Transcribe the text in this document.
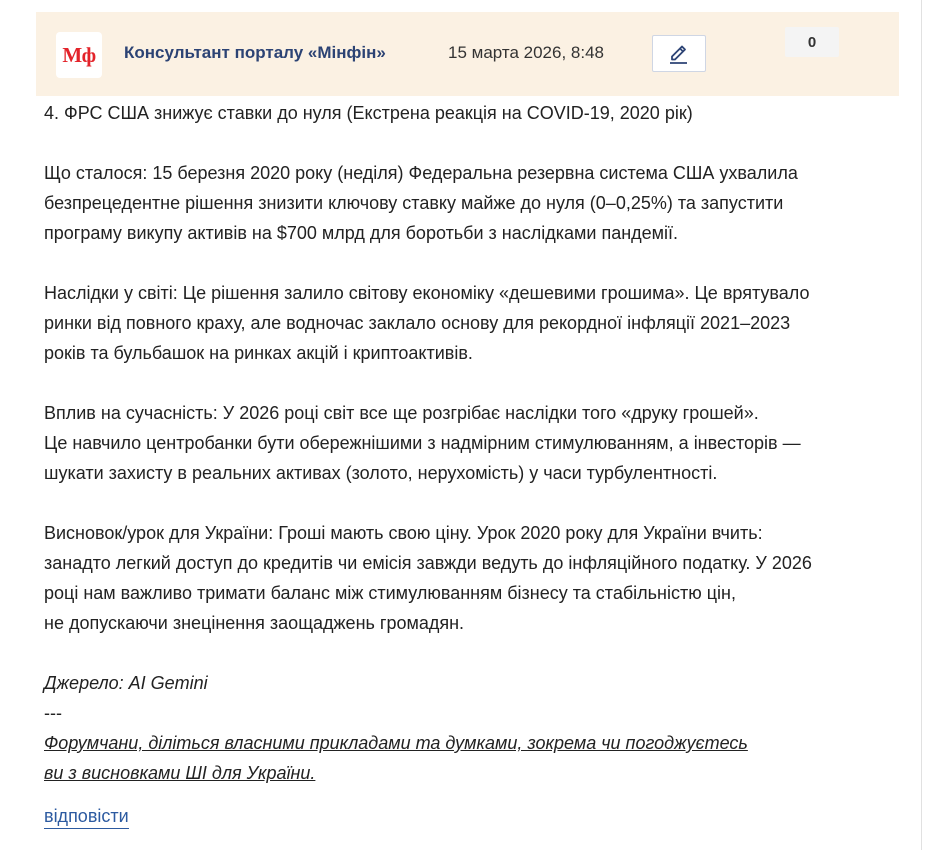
Мф Консультант порталу «Мінфін»	15 марта 2026, 8:48
0

4. ФРС США знижує ставки до нуля (Екстрена реакція на COVID-19, 2020 рік)

Що сталося: 15 березня 2020 року (неділя) Федеральна резервна система США ухвалила
безпрецедентне рішення знизити ключову ставку майже до нуля (0–0,25%) та запустити
програму викупу активів на $700 млрд для боротьби з наслідками пандемії.
Наслідки у світі: Це рішення залило світову економіку «дешевими грошима». Це врятувало
ринки від повного краху, але водночас заклало основу для рекордної інфляції 2021–2023
років та бульбашок на ринках акцій і криптоактивів.
Вплив на сучасність: У 2026 році світ все ще розгрібає наслідки того «друку грошей».
Це навчило центробанки бути обережнішими з надмірним стимулюванням, а інвесторів —
шукати захисту в реальних активах (золото, нерухомість) у часи турбулентності.
Висновок/урок для України: Гроші мають свою ціну. Урок 2020 року для України вчить:
занадто легкий доступ до кредитів чи емісія завжди ведуть до інфляційного податку. У 2026
році нам важливо тримати баланс між стимулюванням бізнесу та стабільністю цін,
не допускаючи знецінення заощаджень громадян.
Джерело: AI Gemini
---
Форумчани, діліться власними прикладами та думками, зокрема чи погоджуєтесь
ви з висновками ШІ для України.
відповісти
